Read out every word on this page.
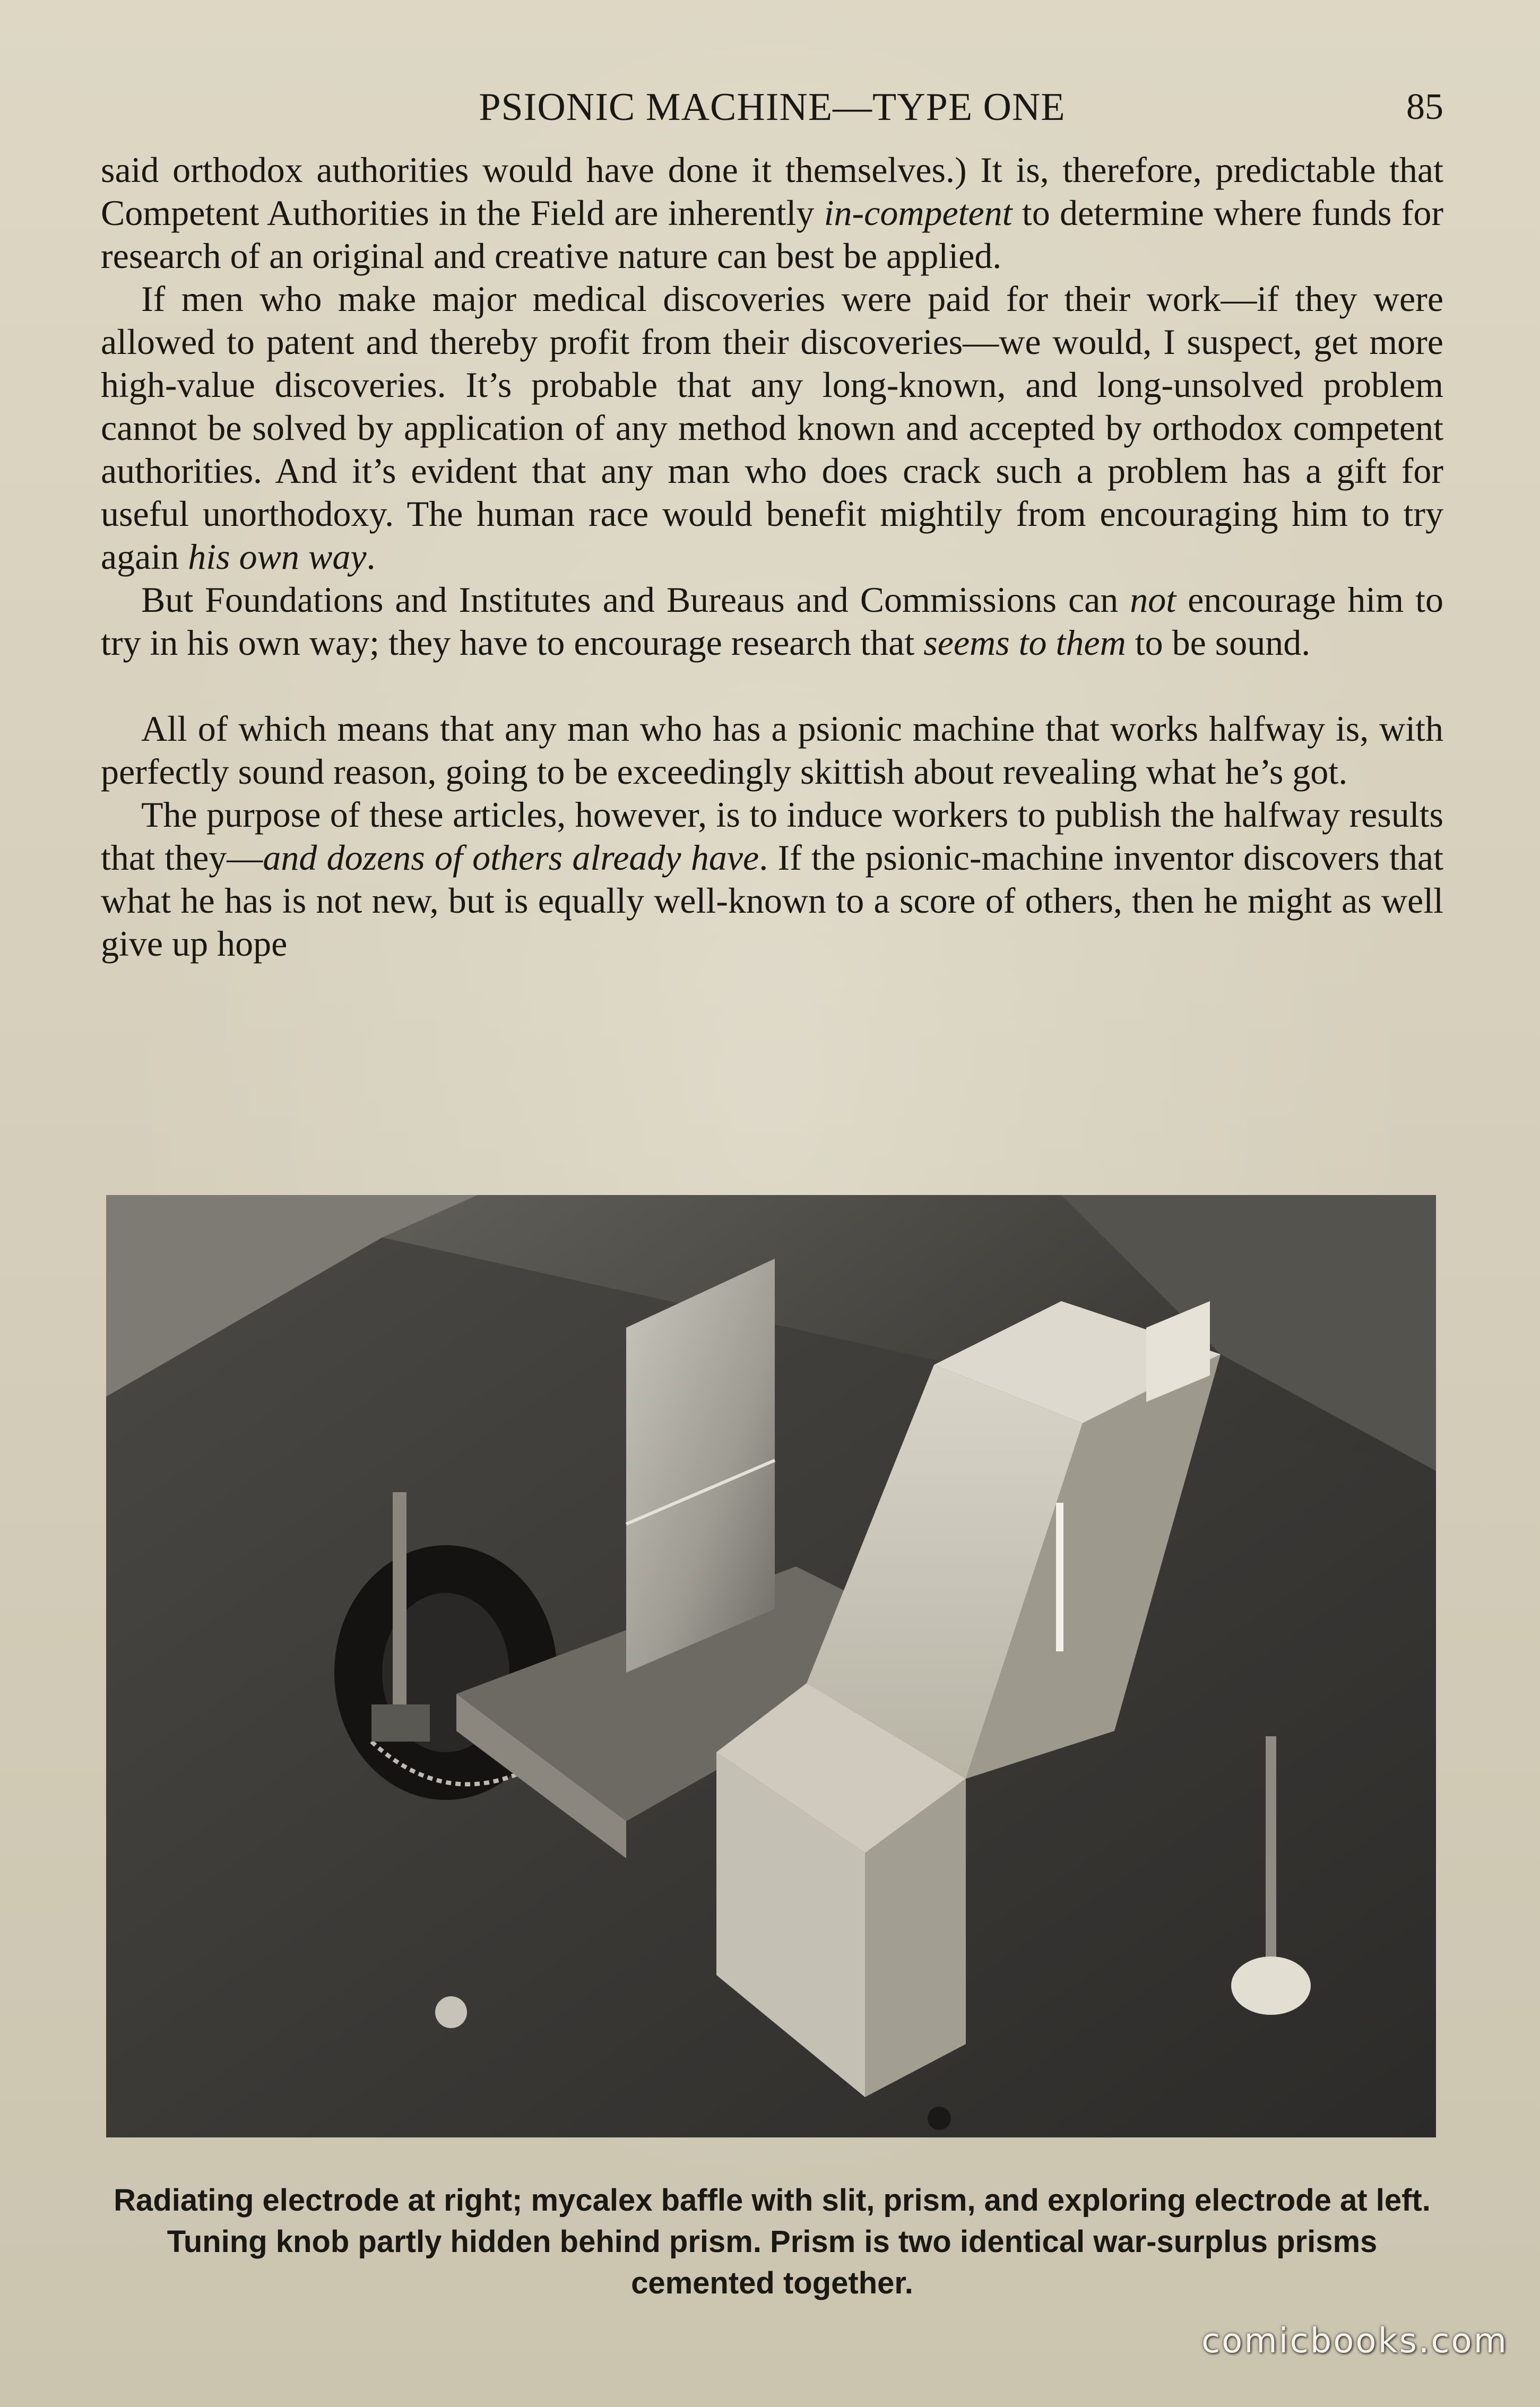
PSIONIC MACHINE—TYPE ONE	85

said orthodox authorities would have done it themselves.) It is, therefore, predictable that Competent Authorities in the Field are inherently in-competent to determine where funds for research of an original and creative nature can best be applied.

If men who make major medical discoveries were paid for their work—if they were allowed to patent and thereby profit from their discoveries—we would, I suspect, get more high-value discoveries. It’s probable that any long-known, and long-unsolved problem cannot be solved by application of any method known and accepted by orthodox competent authorities. And it’s evident that any man who does crack such a problem has a gift for useful unorthodoxy. The human race would benefit mightily from encouraging him to try again his own way.

But Foundations and Institutes and Bureaus and Commissions can not encourage him to try in his own way; they have to encourage research that seems to them to be sound.

All of which means that any man who has a psionic machine that works halfway is, with perfectly sound reason, going to be exceedingly skittish about revealing what he’s got.

The purpose of these articles, however, is to induce workers to publish the halfway results that they—and dozens of others already have. If the psionic-machine inventor discovers that what he has is not new, but is equally well-known to a score of others, then he might as well give up hope

Radiating electrode at right; mycalex baffle with slit, prism, and exploring electrode at left. Tuning knob partly hidden behind prism. Prism is two identical war-surplus prisms cemented together.
comicbooks.com
